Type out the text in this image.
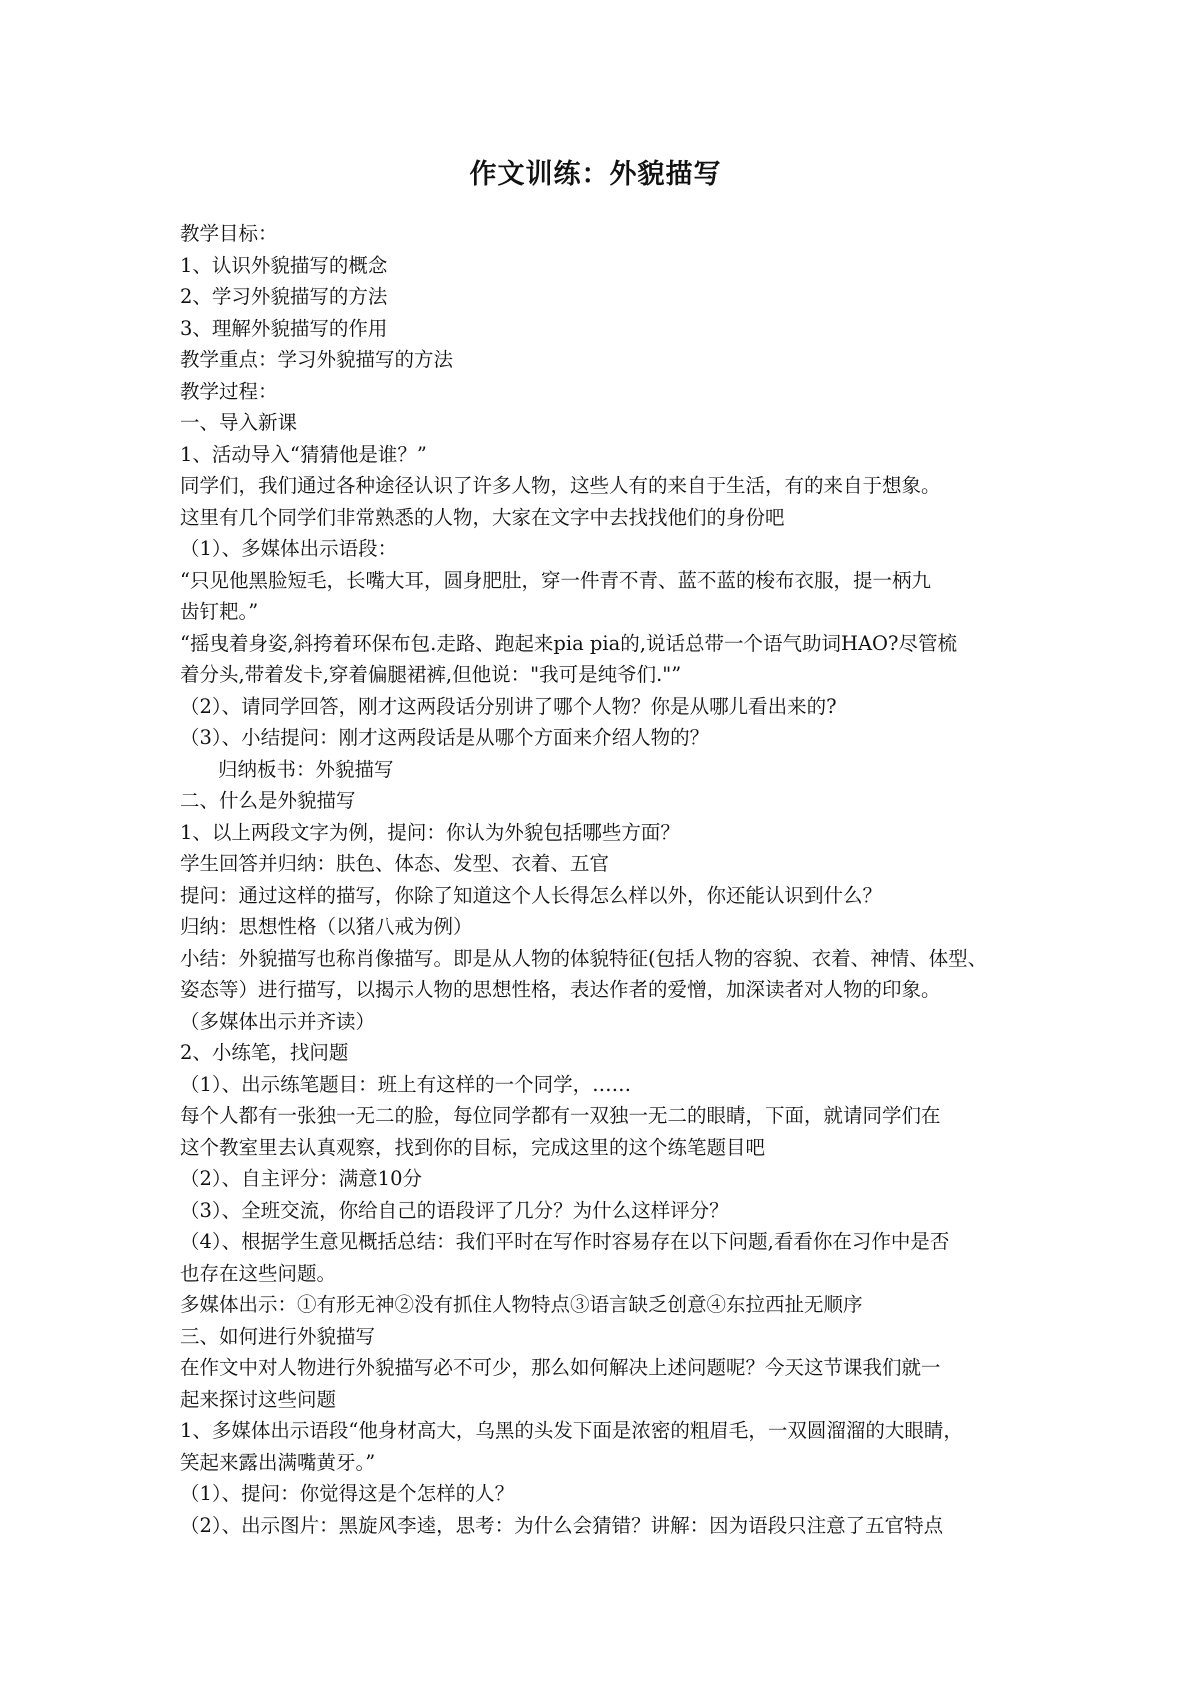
作文训练：外貌描写

教学目标：

1、认识外貌描写的概念

2、学习外貌描写的方法

3、理解外貌描写的作用

教学重点：学习外貌描写的方法

教学过程：

一、导入新课

1、活动导入“猜猜他是谁？”

同学们，我们通过各种途径认识了许多人物，这些人有的来自于生活，有的来自于想象。

这里有几个同学们非常熟悉的人物，大家在文字中去找找他们的身份吧

（1）、多媒体出示语段：

“只见他黑脸短毛，长嘴大耳，圆身肥肚，穿一件青不青、蓝不蓝的梭布衣服，提一柄九

齿钉耙。”

“摇曳着身姿,斜挎着环保布包.走路、跑起来pia pia的,说话总带一个语气助词HAO?尽管梳

着分头,带着发卡,穿着偏腿裙裤,但他说："我可是纯爷们."”

（2）、请同学回答，刚才这两段话分别讲了哪个人物？你是从哪儿看出来的?

（3）、小结提问：刚才这两段话是从哪个方面来介绍人物的？

归纳板书：外貌描写

二、什么是外貌描写

1、以上两段文字为例，提问：你认为外貌包括哪些方面？

学生回答并归纳：肤色、体态、发型、衣着、五官

提问：通过这样的描写，你除了知道这个人长得怎么样以外，你还能认识到什么？

归纳：思想性格（以猪八戒为例）

小结：外貌描写也称肖像描写。即是从人物的体貌特征(包括人物的容貌、衣着、神情、体型、

姿态等）进行描写，以揭示人物的思想性格，表达作者的爱憎，加深读者对人物的印象。

（多媒体出示并齐读）

2、小练笔，找问题

（1）、出示练笔题目：班上有这样的一个同学，……

每个人都有一张独一无二的脸，每位同学都有一双独一无二的眼睛，下面，就请同学们在

这个教室里去认真观察，找到你的目标，完成这里的这个练笔题目吧

（2）、自主评分：满意10分

（3）、全班交流，你给自己的语段评了几分？为什么这样评分？

（4）、根据学生意见概括总结：我们平时在写作时容易存在以下问题,看看你在习作中是否

也存在这些问题。

多媒体出示：①有形无神②没有抓住人物特点③语言缺乏创意④东拉西扯无顺序

三、如何进行外貌描写

在作文中对人物进行外貌描写必不可少，那么如何解决上述问题呢？今天这节课我们就一

起来探讨这些问题

1、多媒体出示语段“他身材高大，乌黑的头发下面是浓密的粗眉毛，一双圆溜溜的大眼睛，

笑起来露出满嘴黄牙。”

（1）、提问：你觉得这是个怎样的人？

（2）、出示图片：黑旋风李逵，思考：为什么会猜错？讲解：因为语段只注意了五官特点
